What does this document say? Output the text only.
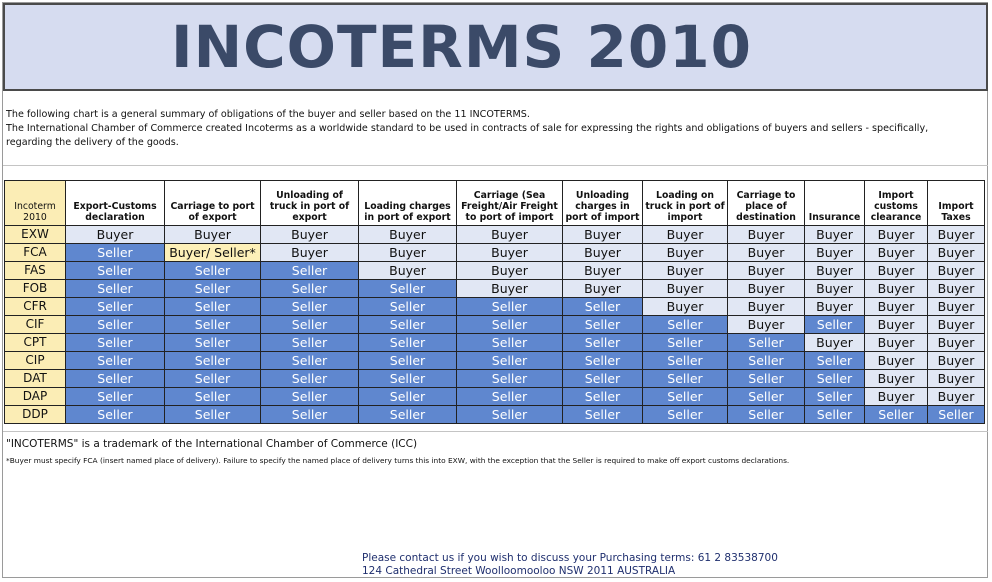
INCOTERMS 2010

The following chart is a general summary of obligations of the buyer and seller based on the 11 INCOTERMS.

The International Chamber of Commerce created Incoterms as a worldwide standard to be used in contracts of sale for expressing the rights and obligations of buyers and sellers - specifically, regarding the delivery of the goods.

Incoterm 2010	Export-Customs declaration	Carriage to port of export	Unloading of truck in port of export	Loading charges in port of export	Carriage (Sea Freight/Air Freight to port of import	Unloading charges in port of import	Loading on truck in port of import	Carriage to place of destination	Insurance	Import customs clearance	Import Taxes
EXW	Buyer	Buyer	Buyer	Buyer	Buyer	Buyer	Buyer	Buyer	Buyer	Buyer	Buyer
FCA	Seller	Buyer/ Seller*	Buyer	Buyer	Buyer	Buyer	Buyer	Buyer	Buyer	Buyer	Buyer
FAS	Seller	Seller	Seller	Buyer	Buyer	Buyer	Buyer	Buyer	Buyer	Buyer	Buyer
FOB	Seller	Seller	Seller	Seller	Buyer	Buyer	Buyer	Buyer	Buyer	Buyer	Buyer
CFR	Seller	Seller	Seller	Seller	Seller	Seller	Buyer	Buyer	Buyer	Buyer	Buyer
CIF	Seller	Seller	Seller	Seller	Seller	Seller	Seller	Buyer	Seller	Buyer	Buyer
CPT	Seller	Seller	Seller	Seller	Seller	Seller	Seller	Seller	Buyer	Buyer	Buyer
CIP	Seller	Seller	Seller	Seller	Seller	Seller	Seller	Seller	Seller	Buyer	Buyer
DAT	Seller	Seller	Seller	Seller	Seller	Seller	Seller	Seller	Seller	Buyer	Buyer
DAP	Seller	Seller	Seller	Seller	Seller	Seller	Seller	Seller	Seller	Buyer	Buyer
DDP	Seller	Seller	Seller	Seller	Seller	Seller	Seller	Seller	Seller	Seller	Seller

"INCOTERMS" is a trademark of the International Chamber of Commerce (ICC)

*Buyer must specify FCA (insert named place of delivery). Failure to specify the named place of delivery turns this into EXW, with the exception that the Seller is required to make off export customs declarations.

Please contact us if you wish to discuss your Purchasing terms: 61 2 83538700
124 Cathedral Street Woolloomooloo NSW 2011 AUSTRALIA
